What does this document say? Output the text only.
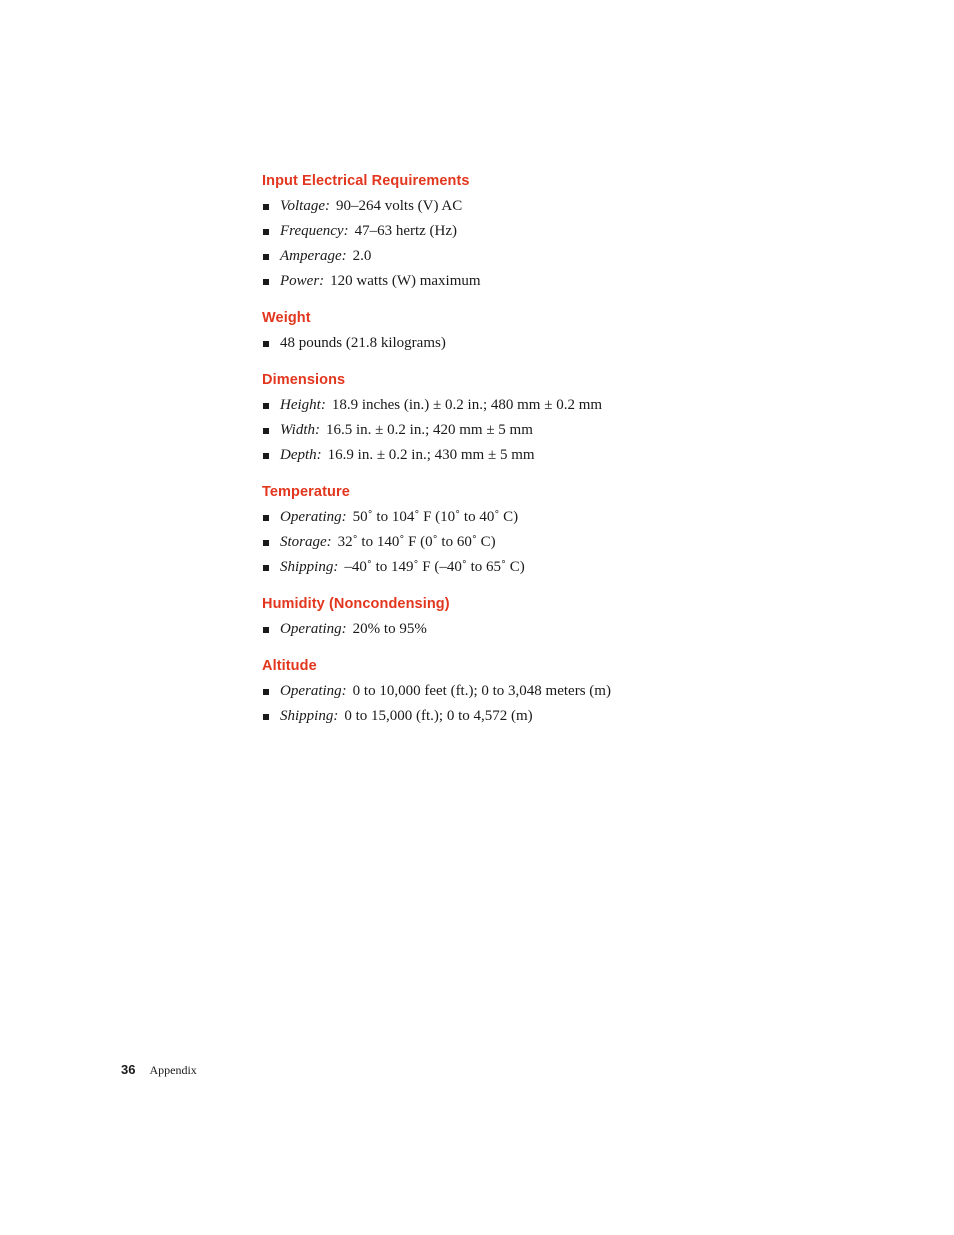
Input Electrical Requirements
Voltage: 90–264 volts (V) AC
Frequency: 47–63 hertz (Hz)
Amperage: 2.0
Power: 120 watts (W) maximum
Weight
48 pounds (21.8 kilograms)
Dimensions
Height: 18.9 inches (in.) ± 0.2 in.; 480 mm ± 0.2 mm
Width: 16.5 in. ± 0.2 in.; 420 mm ± 5 mm
Depth: 16.9 in. ± 0.2 in.; 430 mm ± 5 mm
Temperature
Operating: 50˚ to 104˚ F (10˚ to 40˚ C)
Storage: 32˚ to 140˚ F (0˚ to 60˚ C)
Shipping: –40˚ to 149˚ F (–40˚ to 65˚ C)
Humidity (Noncondensing)
Operating: 20% to 95%
Altitude
Operating: 0 to 10,000 feet (ft.); 0 to 3,048 meters (m)
Shipping: 0 to 15,000 (ft.); 0 to 4,572 (m)
36 Appendix
